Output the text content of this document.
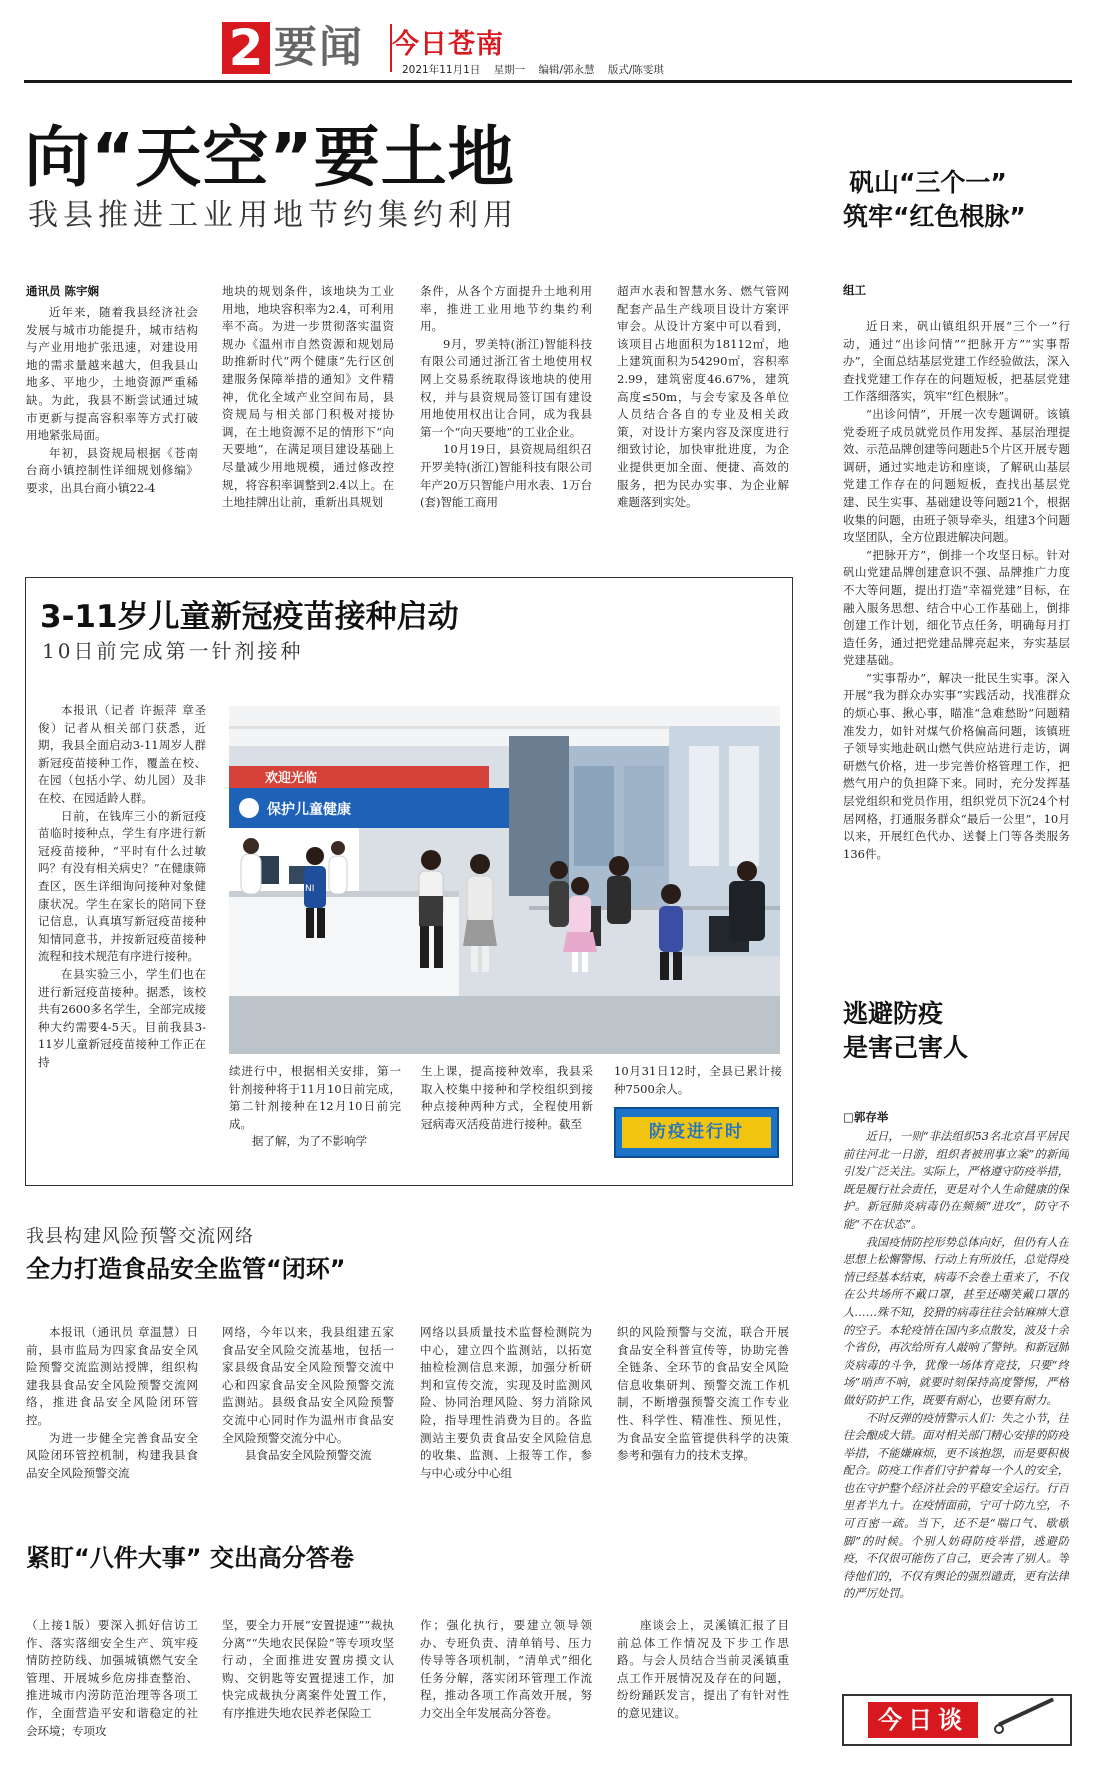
2 要闻 今日苍南
2021年11月1日 星期一 编辑/郭永慧 版式/陈雯琪
向“天空”要土地
我县推进工业用地节约集约利用
通讯员 陈宇娴

近年来，随着我县经济社会发展与城市功能提升，城市结构与产业用地扩张迅速，对建设用地的需求量越来越大，但我县山地多、平地少，土地资源严重稀缺。为此，我县不断尝试通过城市更新与提高容积率等方式打破用地紧张局面。

年初，县资规局根据《苍南台商小镇控制性详细规划修编》要求，出具台商小镇22-4

地块的规划条件，该地块为工业用地，地块容积率为2.4，可利用率不高。为进一步贯彻落实温资规办《温州市自然资源和规划局助推新时代“两个健康”先行区创建服务保障举措的通知》文件精神，优化全域产业空间布局，县资规局与相关部门积极对接协调，在土地资源不足的情形下“向天要地”，在满足项目建设基础上尽量减少用地规模，通过修改控规，将容积率调整到2.4以上。在土地挂牌出让前，重新出具规划

条件，从各个方面提升土地利用率，推进工业用地节约集约利用。

9月，罗美特(浙江)智能科技有限公司通过浙江省土地使用权网上交易系统取得该地块的使用权，并与县资规局签订国有建设用地使用权出让合同，成为我县第一个“向天要地”的工业企业。

10月19日，县资规局组织召开罗美特(浙江)智能科技有限公司年产20万只智能户用水表、1万台(套)智能工商用

超声水表和智慧水务、燃气管网配套产品生产线项目设计方案评审会。从设计方案中可以看到，该项目占地面积为18112㎡，地上建筑面积为54290㎡，容积率2.99，建筑密度46.67%，建筑高度≤50m，与会专家及各单位人员结合各自的专业及相关政策，对设计方案内容及深度进行细致讨论，加快审批进度，为企业提供更加全面、便捷、高效的服务，把为民办实事、为企业解难题落到实处。

矾山“三个一”
筑牢“红色根脉”
组工

近日来，矾山镇组织开展“三个一”行动，通过“出诊问情”“把脉开方”“实事帮办”，全面总结基层党建工作经验做法，深入查找党建工作存在的问题短板，把基层党建工作落细落实，筑牢“红色根脉”。

“出诊问情”，开展一次专题调研。该镇党委班子成员就党员作用发挥、基层治理提效、示范品牌创建等问题赴5个片区开展专题调研，通过实地走访和座谈，了解矾山基层党建工作存在的问题短板，查找出基层党建、民生实事、基础建设等问题21个，根据收集的问题，由班子领导牵头，组建3个问题攻坚团队，全方位跟进解决问题。

“把脉开方”，倒排一个攻坚日标。针对矾山党建品牌创建意识不强、品牌推广力度不大等问题，提出打造“幸福党建”目标，在融入服务思想、结合中心工作基础上，倒排创建工作计划，细化节点任务，明确每月打造任务，通过把党建品牌亮起来，夯实基层党建基础。

“实事帮办”，解决一批民生实事。深入开展“我为群众办实事”实践活动，找准群众的烦心事、揪心事，瞄准“急难愁盼”问题精准发力，如针对煤气价格偏高问题，该镇班子领导实地赴矾山燃气供应站进行走访，调研燃气价格，进一步完善价格管理工作，把燃气用户的负担降下来。同时，充分发挥基层党组织和党员作用，组织党员下沉24个村居网格，打通服务群众“最后一公里”，10月以来，开展红色代办、送餐上门等各类服务136件。

3-11岁儿童新冠疫苗接种启动
10日前完成第一针剂接种

本报讯（记者 许振萍 章圣俊）记者从相关部门获悉，近期，我县全面启动3-11周岁人群新冠疫苗接种工作，覆盖在校、在园（包括小学、幼儿园）及非在校、在园适龄人群。

日前，在钱库三小的新冠疫苗临时接种点，学生有序进行新冠疫苗接种，“平时有什么过敏吗？有没有相关病史？”在健康筛查区，医生详细询问接种对象健康状况。学生在家长的陪同下登记信息，认真填写新冠疫苗接种知情同意书，并按新冠疫苗接种流程和技术规范有序进行接种。

在县实验三小，学生们也在进行新冠疫苗接种。据悉，该校共有2600多名学生，全部完成接种大约需要4-5天。目前我县3-11岁儿童新冠疫苗接种工作正在持

欢迎光临
保护儿童健康
NI

续进行中，根据相关安排，第一针剂接种将于11月10日前完成，第二针剂接种在12月10日前完成。

据了解，为了不影响学

生上课，提高接种效率，我县采取入校集中接种和学校组织到接种点接种两种方式，全程使用新冠病毒灭活疫苗进行接种。截至

10月31日12时，全县已累计接种7500余人。

防疫进行时
逃避防疫
是害己害人
□郭存举

近日，一则“非法组织53名北京昌平居民前往河北一日游，组织者被刑事立案”的新闻引发广泛关注。实际上，严格遵守防疫举措，既是履行社会责任，更是对个人生命健康的保护。新冠肺炎病毒仍在频频“进攻”，防守不能“不在状态”。

我国疫情防控形势总体向好，但仍有人在思想上松懈警惕、行动上有所放任，总觉得疫情已经基本结束，病毒不会卷土重来了，不仅在公共场所不戴口罩，甚至还嘲笑戴口罩的人……殊不知，狡猾的病毒往往会钻麻痹大意的空子。本轮疫情在国内多点散发，波及十余个省份，再次给所有人敲响了警钟。和新冠肺炎病毒的斗争，犹像一场体育竞技，只要“终场”哨声不响，就要时刻保持高度警惕，严格做好防护工作，既要有耐心，也要有耐力。

不时反弹的疫情警示人们：失之小节，往往会酿成大错。面对相关部门精心安排的防疫举措，不能嫌麻烦，更不该抱怨，而是要积极配合。防疫工作者们守护着每一个人的安全，也在守护整个经济社会的平稳安全运行。行百里者半九十。在疫情面前，宁可十防九空，不可百密一疏。当下，还不是“喘口气、歇歇脚”的时候。个别人妨碍防疫举措，逃避防疫，不仅很可能伤了自己，更会害了别人。等待他们的，不仅有舆论的强烈谴责，更有法律的严厉处罚。

今日谈
我县构建风险预警交流网络
全力打造食品安全监管“闭环”

本报讯（通讯员 章温慧）日前，县市监局为四家食品安全风险预警交流监测站授牌，组织构建我县食品安全风险预警交流网络，推进食品安全风险闭环管控。

为进一步健全完善食品安全风险闭环管控机制，构建我县食品安全风险预警交流

网络，今年以来，我县组建五家食品安全风险交流基地，包括一家县级食品安全风险预警交流中心和四家食品安全风险预警交流监测站。县级食品安全风险预警交流中心同时作为温州市食品安全风险预警交流分中心。

县食品安全风险预警交流

网络以县质量技术监督检测院为中心，建立四个监测站，以拓宽抽检检测信息来源，加强分析研判和宣传交流，实现及时监测风险、协同治理风险、努力消除风险，指导理性消费为目的。各监测站主要负责食品安全风险信息的收集、监测、上报等工作，参与中心或分中心组

织的风险预警与交流，联合开展食品安全科普宣传等，协助完善全链条、全环节的食品安全风险信息收集研判、预警交流工作机制，不断增强预警交流工作专业性、科学性、精准性、预见性，为食品安全监管提供科学的决策参考和强有力的技术支撑。

紧盯“八件大事” 交出高分答卷

（上接1版）要深入抓好信访工作、落实落细安全生产、筑牢疫情防控防线、加强城镇燃气安全管理、开展城乡危房排查整治、推进城市内涝防范治理等各项工作，全面营造平安和谐稳定的社会环境；专项攻

坚，要全力开展“安置提速”“裁执分离”“失地农民保险”等专项攻坚行动，全面推进安置房摸文认购、交钥匙等安置提速工作，加快完成裁执分离案件处置工作，有序推进失地农民养老保险工

作；强化执行，要建立领导领办、专班负责、清单销号、压力传导等各项机制，“清单式”细化任务分解，落实闭环管理工作流程，推动各项工作高效开展，努力交出全年发展高分答卷。

座谈会上，灵溪镇汇报了目前总体工作情况及下步工作思路。与会人员结合当前灵溪镇重点工作开展情况及存在的问题，纷纷踊跃发言，提出了有针对性的意见建议。
